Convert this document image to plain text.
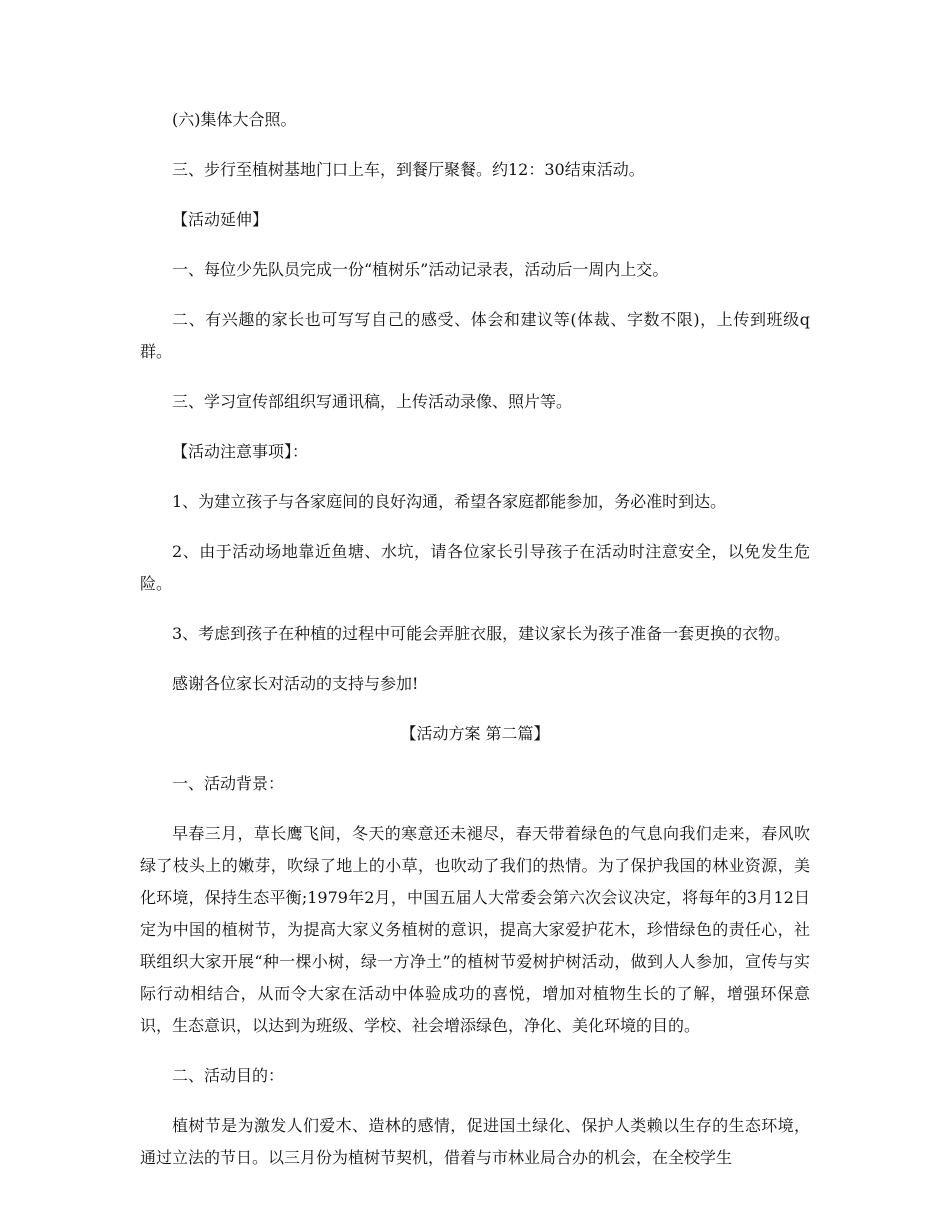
(六)集体大合照。

三、步行至植树基地门口上车，到餐厅聚餐。约12：30结束活动。

【活动延伸】

一、每位少先队员完成一份“植树乐”活动记录表，活动后一周内上交。

二、有兴趣的家长也可写写自己的感受、体会和建议等(体裁、字数不限)，上传到班级q群。

三、学习宣传部组织写通讯稿，上传活动录像、照片等。

【活动注意事项】：

1、为建立孩子与各家庭间的良好沟通，希望各家庭都能参加，务必准时到达。

2、由于活动场地靠近鱼塘、水坑，请各位家长引导孩子在活动时注意安全，以免发生危险。

3、考虑到孩子在种植的过程中可能会弄脏衣服，建议家长为孩子准备一套更换的衣物。

感谢各位家长对活动的支持与参加!

【活动方案 第二篇】

一、活动背景：

早春三月，草长鹰飞间，冬天的寒意还未褪尽，春天带着绿色的气息向我们走来，春风吹绿了枝头上的嫩芽，吹绿了地上的小草，也吹动了我们的热情。为了保护我国的林业资源，美化环境，保持生态平衡;1979年2月，中国五届人大常委会第六次会议决定，将每年的3月12日定为中国的植树节，为提高大家义务植树的意识，提高大家爱护花木，珍惜绿色的责任心，社联组织大家开展“种一棵小树，绿一方净土”的植树节爱树护树活动，做到人人参加，宣传与实际行动相结合，从而令大家在活动中体验成功的喜悦，增加对植物生长的了解，增强环保意识，生态意识，以达到为班级、学校、社会增添绿色，净化、美化环境的目的。

二、活动目的：

植树节是为激发人们爱木、造林的感情，促进国土绿化、保护人类赖以生存的生态环境，通过立法的节日。以三月份为植树节契机，借着与市林业局合办的机会，在全校学生
